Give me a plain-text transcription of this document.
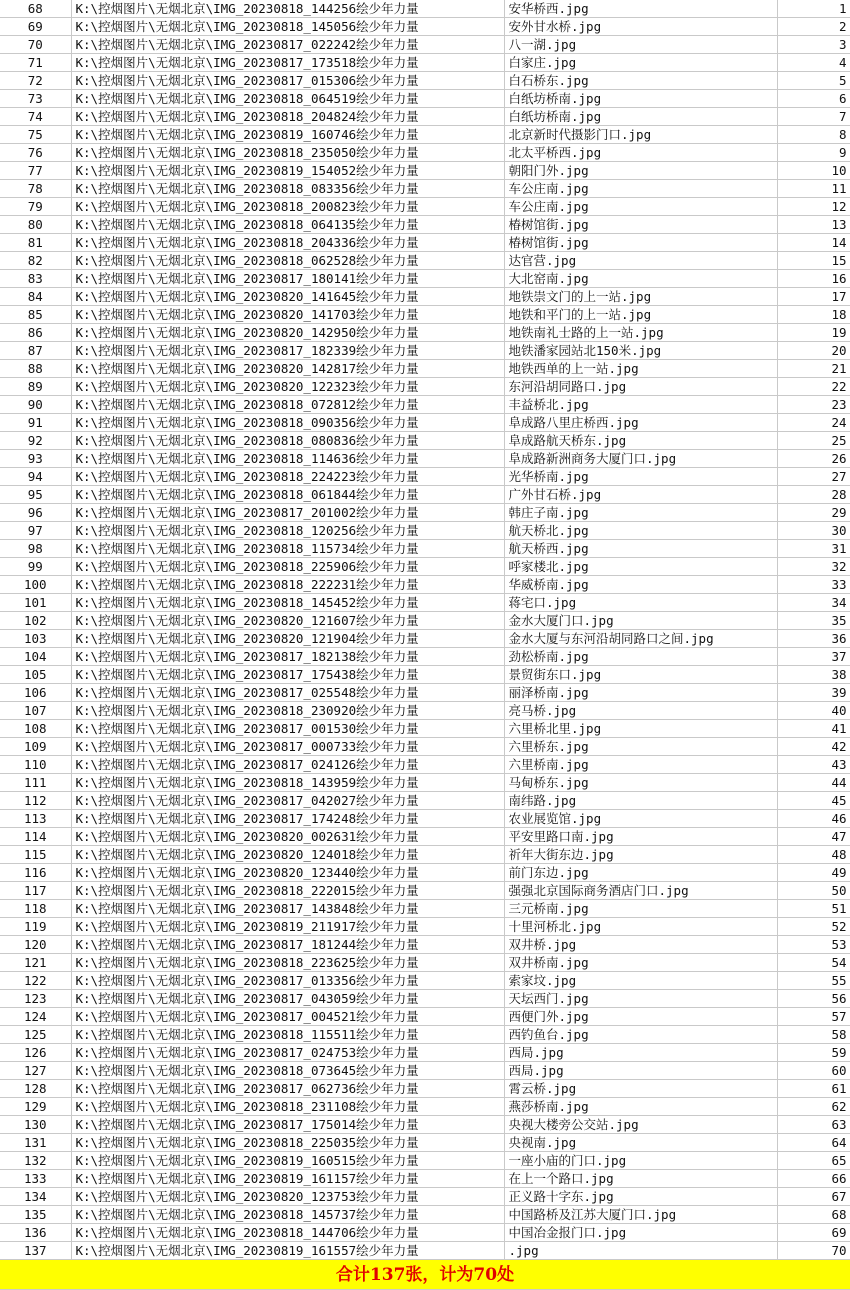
68	K:\控烟图片\无烟北京\IMG_20230818_144256绘少年力量	安华桥西.jpg	1
69	K:\控烟图片\无烟北京\IMG_20230818_145056绘少年力量	安外甘水桥.jpg	2
70	K:\控烟图片\无烟北京\IMG_20230817_022242绘少年力量	八一湖.jpg	3
71	K:\控烟图片\无烟北京\IMG_20230817_173518绘少年力量	白家庄.jpg	4
72	K:\控烟图片\无烟北京\IMG_20230817_015306绘少年力量	白石桥东.jpg	5
73	K:\控烟图片\无烟北京\IMG_20230818_064519绘少年力量	白纸坊桥南.jpg	6
74	K:\控烟图片\无烟北京\IMG_20230818_204824绘少年力量	白纸坊桥南.jpg	7
75	K:\控烟图片\无烟北京\IMG_20230819_160746绘少年力量	北京新时代摄影门口.jpg	8
76	K:\控烟图片\无烟北京\IMG_20230818_235050绘少年力量	北太平桥西.jpg	9
77	K:\控烟图片\无烟北京\IMG_20230819_154052绘少年力量	朝阳门外.jpg	10
78	K:\控烟图片\无烟北京\IMG_20230818_083356绘少年力量	车公庄南.jpg	11
79	K:\控烟图片\无烟北京\IMG_20230818_200823绘少年力量	车公庄南.jpg	12
80	K:\控烟图片\无烟北京\IMG_20230818_064135绘少年力量	椿树馆街.jpg	13
81	K:\控烟图片\无烟北京\IMG_20230818_204336绘少年力量	椿树馆街.jpg	14
82	K:\控烟图片\无烟北京\IMG_20230818_062528绘少年力量	达官营.jpg	15
83	K:\控烟图片\无烟北京\IMG_20230817_180141绘少年力量	大北窑南.jpg	16
84	K:\控烟图片\无烟北京\IMG_20230820_141645绘少年力量	地铁崇文门的上一站.jpg	17
85	K:\控烟图片\无烟北京\IMG_20230820_141703绘少年力量	地铁和平门的上一站.jpg	18
86	K:\控烟图片\无烟北京\IMG_20230820_142950绘少年力量	地铁南礼士路的上一站.jpg	19
87	K:\控烟图片\无烟北京\IMG_20230817_182339绘少年力量	地铁潘家园站北150米.jpg	20
88	K:\控烟图片\无烟北京\IMG_20230820_142817绘少年力量	地铁西单的上一站.jpg	21
89	K:\控烟图片\无烟北京\IMG_20230820_122323绘少年力量	东河沿胡同路口.jpg	22
90	K:\控烟图片\无烟北京\IMG_20230818_072812绘少年力量	丰益桥北.jpg	23
91	K:\控烟图片\无烟北京\IMG_20230818_090356绘少年力量	阜成路八里庄桥西.jpg	24
92	K:\控烟图片\无烟北京\IMG_20230818_080836绘少年力量	阜成路航天桥东.jpg	25
93	K:\控烟图片\无烟北京\IMG_20230818_114636绘少年力量	阜成路新洲商务大厦门口.jpg	26
94	K:\控烟图片\无烟北京\IMG_20230818_224223绘少年力量	光华桥南.jpg	27
95	K:\控烟图片\无烟北京\IMG_20230818_061844绘少年力量	广外甘石桥.jpg	28
96	K:\控烟图片\无烟北京\IMG_20230817_201002绘少年力量	韩庄子南.jpg	29
97	K:\控烟图片\无烟北京\IMG_20230818_120256绘少年力量	航天桥北.jpg	30
98	K:\控烟图片\无烟北京\IMG_20230818_115734绘少年力量	航天桥西.jpg	31
99	K:\控烟图片\无烟北京\IMG_20230818_225906绘少年力量	呼家楼北.jpg	32
100	K:\控烟图片\无烟北京\IMG_20230818_222231绘少年力量	华威桥南.jpg	33
101	K:\控烟图片\无烟北京\IMG_20230818_145452绘少年力量	蒋宅口.jpg	34
102	K:\控烟图片\无烟北京\IMG_20230820_121607绘少年力量	金水大厦门口.jpg	35
103	K:\控烟图片\无烟北京\IMG_20230820_121904绘少年力量	金水大厦与东河沿胡同路口之间.jpg	36
104	K:\控烟图片\无烟北京\IMG_20230817_182138绘少年力量	劲松桥南.jpg	37
105	K:\控烟图片\无烟北京\IMG_20230817_175438绘少年力量	景贸街东口.jpg	38
106	K:\控烟图片\无烟北京\IMG_20230817_025548绘少年力量	丽泽桥南.jpg	39
107	K:\控烟图片\无烟北京\IMG_20230818_230920绘少年力量	亮马桥.jpg	40
108	K:\控烟图片\无烟北京\IMG_20230817_001530绘少年力量	六里桥北里.jpg	41
109	K:\控烟图片\无烟北京\IMG_20230817_000733绘少年力量	六里桥东.jpg	42
110	K:\控烟图片\无烟北京\IMG_20230817_024126绘少年力量	六里桥南.jpg	43
111	K:\控烟图片\无烟北京\IMG_20230818_143959绘少年力量	马甸桥东.jpg	44
112	K:\控烟图片\无烟北京\IMG_20230817_042027绘少年力量	南纬路.jpg	45
113	K:\控烟图片\无烟北京\IMG_20230817_174248绘少年力量	农业展览馆.jpg	46
114	K:\控烟图片\无烟北京\IMG_20230820_002631绘少年力量	平安里路口南.jpg	47
115	K:\控烟图片\无烟北京\IMG_20230820_124018绘少年力量	祈年大街东边.jpg	48
116	K:\控烟图片\无烟北京\IMG_20230820_123440绘少年力量	前门东边.jpg	49
117	K:\控烟图片\无烟北京\IMG_20230818_222015绘少年力量	强强北京国际商务酒店门口.jpg	50
118	K:\控烟图片\无烟北京\IMG_20230817_143848绘少年力量	三元桥南.jpg	51
119	K:\控烟图片\无烟北京\IMG_20230819_211917绘少年力量	十里河桥北.jpg	52
120	K:\控烟图片\无烟北京\IMG_20230817_181244绘少年力量	双井桥.jpg	53
121	K:\控烟图片\无烟北京\IMG_20230818_223625绘少年力量	双井桥南.jpg	54
122	K:\控烟图片\无烟北京\IMG_20230817_013356绘少年力量	索家坟.jpg	55
123	K:\控烟图片\无烟北京\IMG_20230817_043059绘少年力量	天坛西门.jpg	56
124	K:\控烟图片\无烟北京\IMG_20230817_004521绘少年力量	西便门外.jpg	57
125	K:\控烟图片\无烟北京\IMG_20230818_115511绘少年力量	西钓鱼台.jpg	58
126	K:\控烟图片\无烟北京\IMG_20230817_024753绘少年力量	西局.jpg	59
127	K:\控烟图片\无烟北京\IMG_20230818_073645绘少年力量	西局.jpg	60
128	K:\控烟图片\无烟北京\IMG_20230817_062736绘少年力量	霄云桥.jpg	61
129	K:\控烟图片\无烟北京\IMG_20230818_231108绘少年力量	燕莎桥南.jpg	62
130	K:\控烟图片\无烟北京\IMG_20230817_175014绘少年力量	央视大楼旁公交站.jpg	63
131	K:\控烟图片\无烟北京\IMG_20230818_225035绘少年力量	央视南.jpg	64
132	K:\控烟图片\无烟北京\IMG_20230819_160515绘少年力量	一座小庙的门口.jpg	65
133	K:\控烟图片\无烟北京\IMG_20230819_161157绘少年力量	在上一个路口.jpg	66
134	K:\控烟图片\无烟北京\IMG_20230820_123753绘少年力量	正义路十字东.jpg	67
135	K:\控烟图片\无烟北京\IMG_20230818_145737绘少年力量	中国路桥及江苏大厦门口.jpg	68
136	K:\控烟图片\无烟北京\IMG_20230818_144706绘少年力量	中国冶金报门口.jpg	69
137	K:\控烟图片\无烟北京\IMG_20230819_161557绘少年力量	.jpg	70
合计137张，计为70处			
